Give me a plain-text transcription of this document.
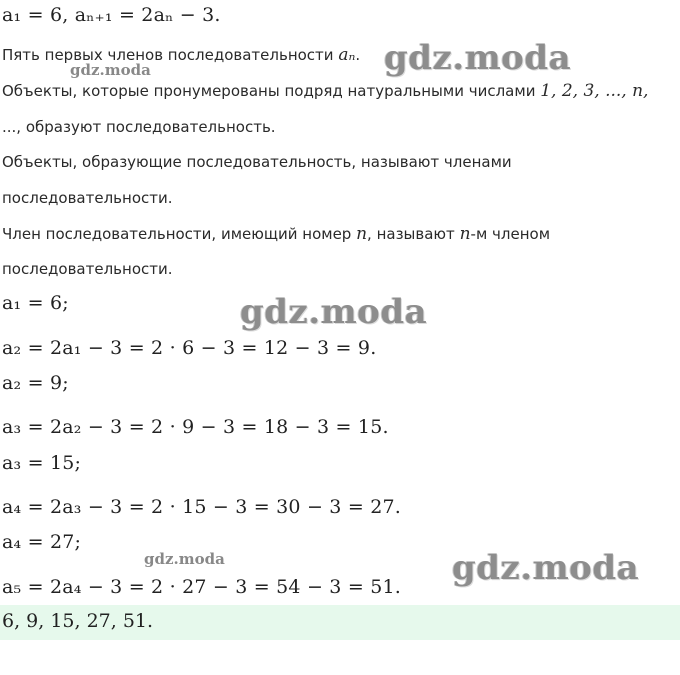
a₁ = 6, aₙ₊₁ = 2aₙ − 3.
Пять первых членов последовательности aₙ.
Объекты, которые пронумерованы подряд натуральными числами 1, 2, 3, ..., n,
..., образуют последовательность.
Объекты, образующие последовательность, называют членами
последовательности.
Член последовательности, имеющий номер n, называют n-м членом
последовательности.
a₁ = 6;
a₂ = 2a₁ − 3 = 2 · 6 − 3 = 12 − 3 = 9.
a₂ = 9;
a₃ = 2a₂ − 3 = 2 · 9 − 3 = 18 − 3 = 15.
a₃ = 15;
a₄ = 2a₃ − 3 = 2 · 15 − 3 = 30 − 3 = 27.
a₄ = 27;
a₅ = 2a₄ − 3 = 2 · 27 − 3 = 54 − 3 = 51.
6, 9, 15, 27, 51.
gdz.moda
gdz.moda
gdz.moda
gdz.moda	gdz.moda
